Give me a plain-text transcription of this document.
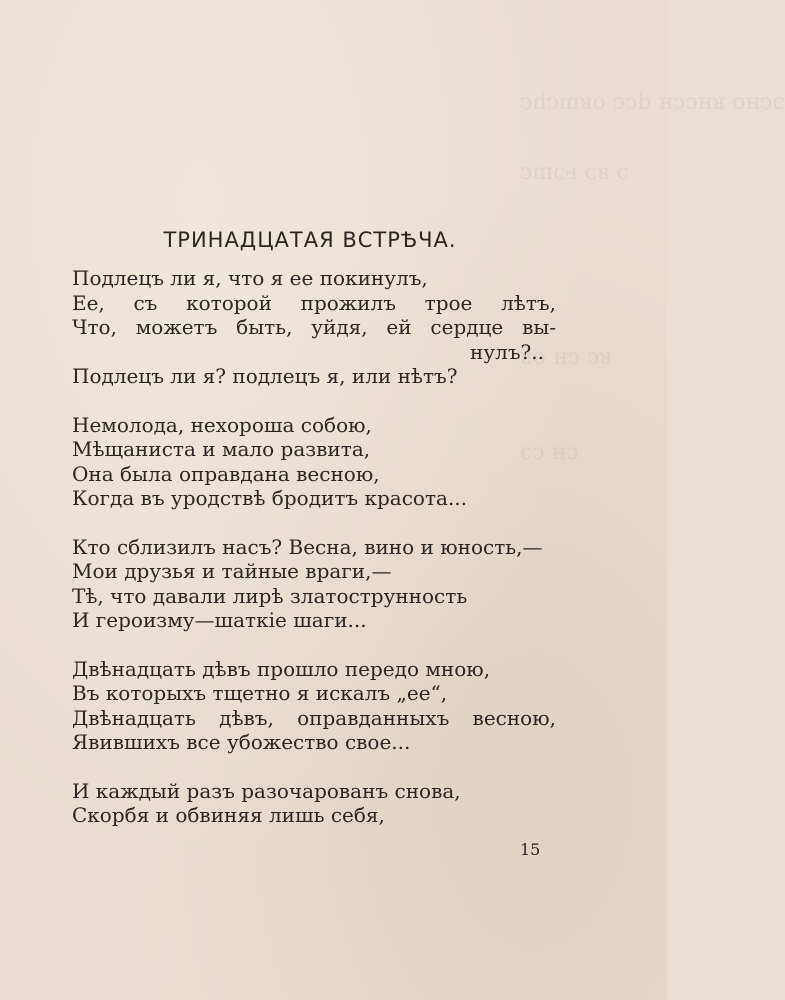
ͻⅽʜo ʁнⅽⅽʜ dⅽⅽ oʁmⅽhⅽ
ɔ ʁɔ ⱶɔmⅽ
ʁⅽ ⅽʜ oʁ
ⅽʜ ⅽɔ
ТРИНАДЦАТАЯ ВСТРѢЧА.
Подлецъ ли я, что я ее покинулъ,
Ее, съ которой прожилъ трое лѣтъ,
Что, можетъ быть, уйдя, ей сердце вы-
нулъ?..
Подлецъ ли я? подлецъ я, или нѣтъ?
Немолода, нехороша собою,
Мѣщаниста и мало развита,
Она была оправдана весною,
Когда въ уродствѣ бродитъ красота...
Кто сблизилъ насъ? Весна, вино и юность,—
Мои друзья и тайные враги,—
Тѣ, что давали лирѣ златострунность
И героизму—шаткіе шаги...
Двѣнадцать дѣвъ прошло передо мною,
Въ которыхъ тщетно я искалъ „ее“,
Двѣнадцать дѣвъ, оправданныхъ весною,
Явившихъ все убожество свое...
И каждый разъ разочарованъ снова,
Скорбя и обвиняя лишь себя,
15
